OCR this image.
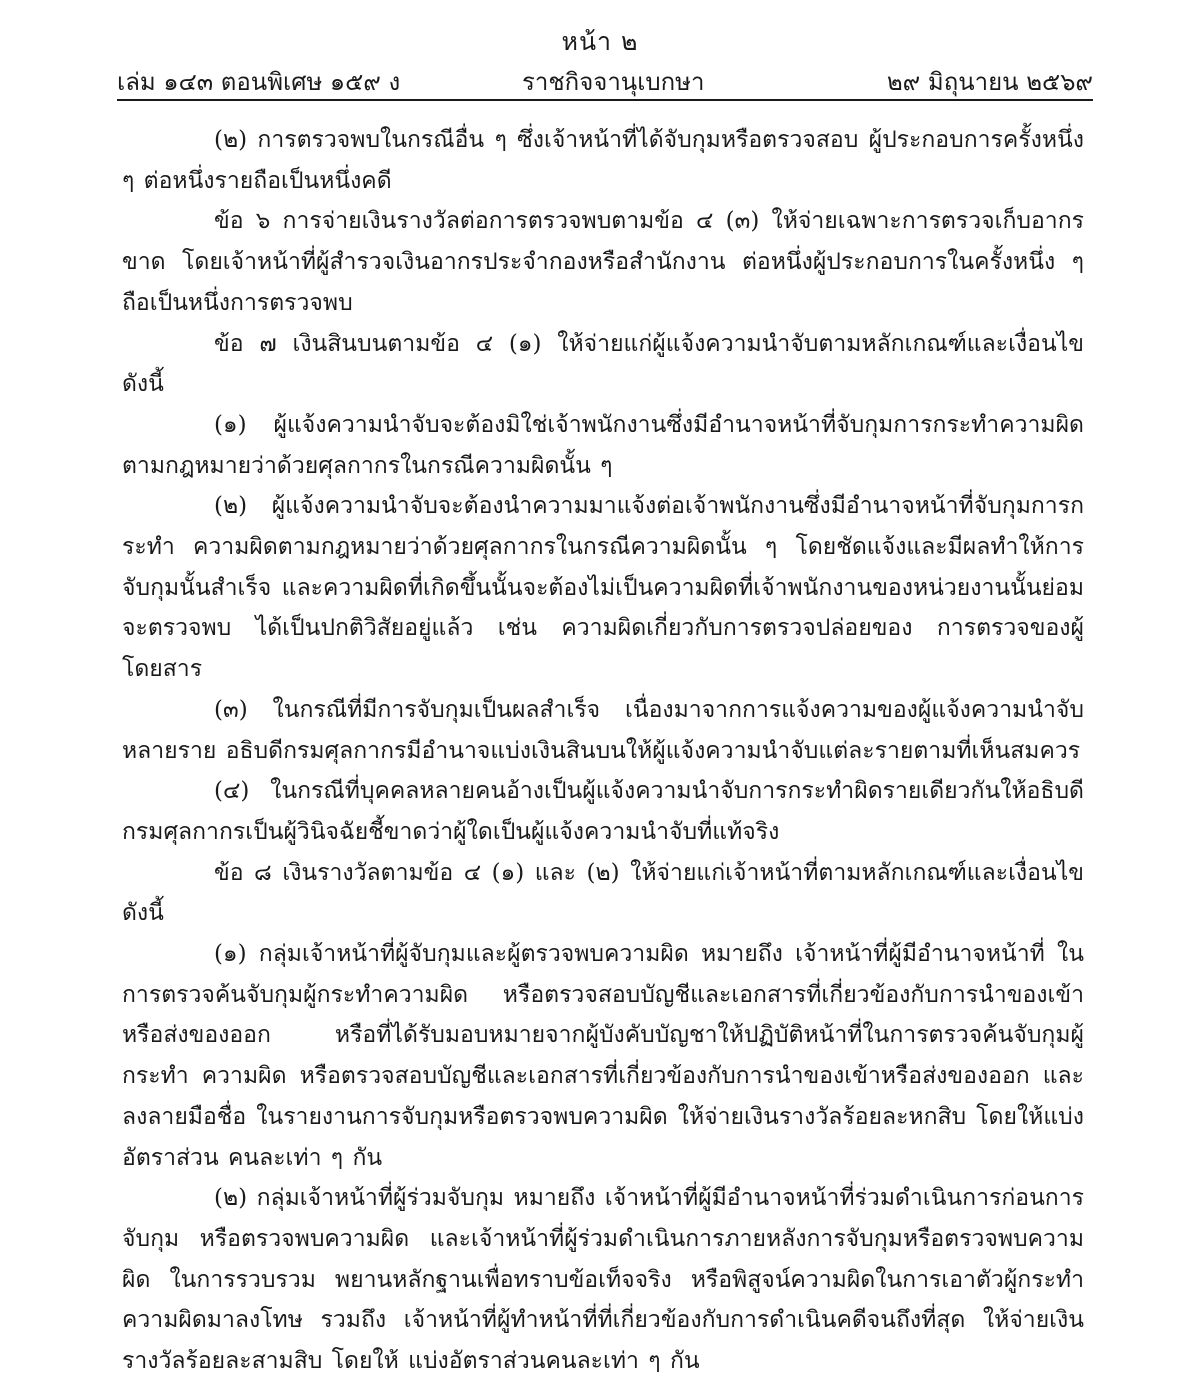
หน้า ๒
เล่ม ๑๔๓ ตอนพิเศษ ๑๕๙ ง	ราชกิจจานุเบกษา	๒๙ มิถุนายน ๒๕๖๙

(๒) การตรวจพบในกรณีอื่น ๆ ซึ่งเจ้าหน้าที่ได้จับกุมหรือตรวจสอบ ผู้ประกอบการครั้งหนึ่ง ๆ ต่อหนึ่งรายถือเป็นหนึ่งคดี

ข้อ ๖ การจ่ายเงินรางวัลต่อการตรวจพบตามข้อ ๔ (๓) ให้จ่ายเฉพาะการตรวจเก็บอากรขาด โดยเจ้าหน้าที่ผู้สำรวจเงินอากรประจำกองหรือสำนักงาน ต่อหนึ่งผู้ประกอบการในครั้งหนึ่ง ๆ ถือเป็นหนึ่งการตรวจพบ

ข้อ ๗ เงินสินบนตามข้อ ๔ (๑) ให้จ่ายแก่ผู้แจ้งความนำจับตามหลักเกณฑ์และเงื่อนไข ดังนี้

(๑) ผู้แจ้งความนำจับจะต้องมิใช่เจ้าพนักงานซึ่งมีอำนาจหน้าที่จับกุมการกระทำความผิด ตามกฎหมายว่าด้วยศุลกากรในกรณีความผิดนั้น ๆ

(๒) ผู้แจ้งความนำจับจะต้องนำความมาแจ้งต่อเจ้าพนักงานซึ่งมีอำนาจหน้าที่จับกุมการกระทำ ความผิดตามกฎหมายว่าด้วยศุลกากรในกรณีความผิดนั้น ๆ โดยชัดแจ้งและมีผลทำให้การจับกุมนั้นสำเร็จ และความผิดที่เกิดขึ้นนั้นจะต้องไม่เป็นความผิดที่เจ้าพนักงานของหน่วยงานนั้นย่อมจะตรวจพบ ได้เป็นปกติวิสัยอยู่แล้ว เช่น ความผิดเกี่ยวกับการตรวจปล่อยของ การตรวจของผู้โดยสาร

(๓) ในกรณีที่มีการจับกุมเป็นผลสำเร็จ เนื่องมาจากการแจ้งความของผู้แจ้งความนำจับหลายราย อธิบดีกรมศุลกากรมีอำนาจแบ่งเงินสินบนให้ผู้แจ้งความนำจับแต่ละรายตามที่เห็นสมควร

(๔) ในกรณีที่บุคคลหลายคนอ้างเป็นผู้แจ้งความนำจับการกระทำผิดรายเดียวกันให้อธิบดี กรมศุลกากรเป็นผู้วินิจฉัยชี้ขาดว่าผู้ใดเป็นผู้แจ้งความนำจับที่แท้จริง

ข้อ ๘ เงินรางวัลตามข้อ ๔ (๑) และ (๒) ให้จ่ายแก่เจ้าหน้าที่ตามหลักเกณฑ์และเงื่อนไข ดังนี้

(๑) กลุ่มเจ้าหน้าที่ผู้จับกุมและผู้ตรวจพบความผิด หมายถึง เจ้าหน้าที่ผู้มีอำนาจหน้าที่ ในการตรวจค้นจับกุมผู้กระทำความผิด หรือตรวจสอบบัญชีและเอกสารที่เกี่ยวข้องกับการนำของเข้า หรือส่งของออก หรือที่ได้รับมอบหมายจากผู้บังคับบัญชาให้ปฏิบัติหน้าที่ในการตรวจค้นจับกุมผู้กระทำ ความผิด หรือตรวจสอบบัญชีและเอกสารที่เกี่ยวข้องกับการนำของเข้าหรือส่งของออก และลงลายมือชื่อ ในรายงานการจับกุมหรือตรวจพบความผิด ให้จ่ายเงินรางวัลร้อยละหกสิบ โดยให้แบ่งอัตราส่วน คนละเท่า ๆ กัน

(๒) กลุ่มเจ้าหน้าที่ผู้ร่วมจับกุม หมายถึง เจ้าหน้าที่ผู้มีอำนาจหน้าที่ร่วมดำเนินการก่อนการจับกุม หรือตรวจพบความผิด และเจ้าหน้าที่ผู้ร่วมดำเนินการภายหลังการจับกุมหรือตรวจพบความผิด ในการรวบรวม พยานหลักฐานเพื่อทราบข้อเท็จจริง หรือพิสูจน์ความผิดในการเอาตัวผู้กระทำความผิดมาลงโทษ รวมถึง เจ้าหน้าที่ผู้ทำหน้าที่ที่เกี่ยวข้องกับการดำเนินคดีจนถึงที่สุด ให้จ่ายเงินรางวัลร้อยละสามสิบ โดยให้ แบ่งอัตราส่วนคนละเท่า ๆ กัน
